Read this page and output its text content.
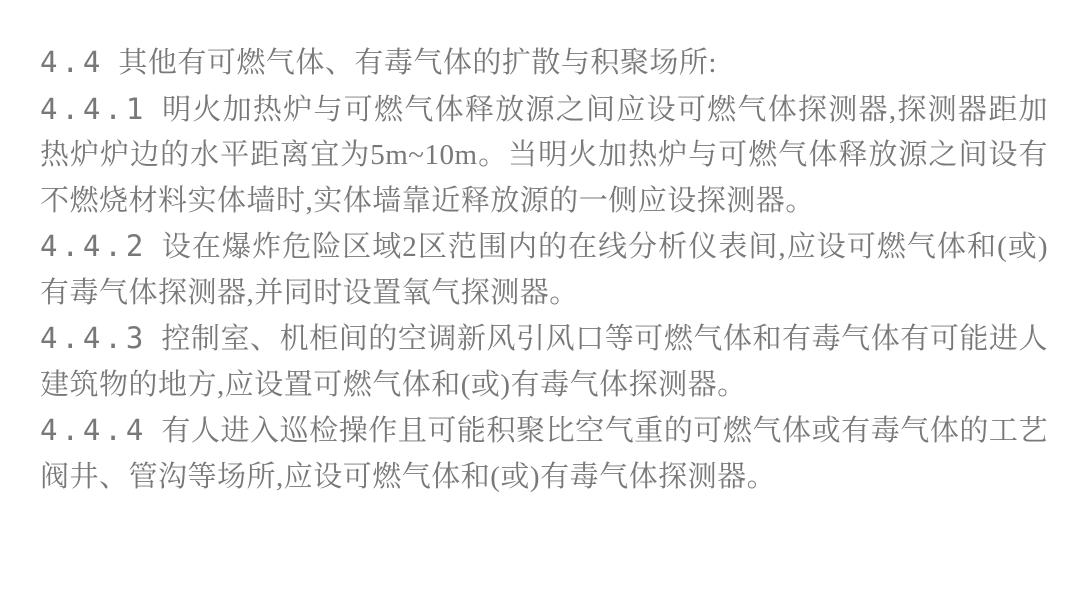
4.4 其他有可燃气体、有毒气体的扩散与积聚场所:

4.4.1 明火加热炉与可燃气体释放源之间应设可燃气体探测器,探测器距加热炉炉边的水平距离宜为5m~10m。当明火加热炉与可燃气体释放源之间设有不燃烧材料实体墙时,实体墙靠近释放源的一侧应设探测器。

4.4.2 设在爆炸危险区域2区范围内的在线分析仪表间,应设可燃气体和(或)有毒气体探测器,并同时设置氧气探测器。

4.4.3 控制室、机柜间的空调新风引风口等可燃气体和有毒气体有可能进人建筑物的地方,应设置可燃气体和(或)有毒气体探测器。

4.4.4 有人进入巡检操作且可能积聚比空气重的可燃气体或有毒气体的工艺阀井、管沟等场所,应设可燃气体和(或)有毒气体探测器。
